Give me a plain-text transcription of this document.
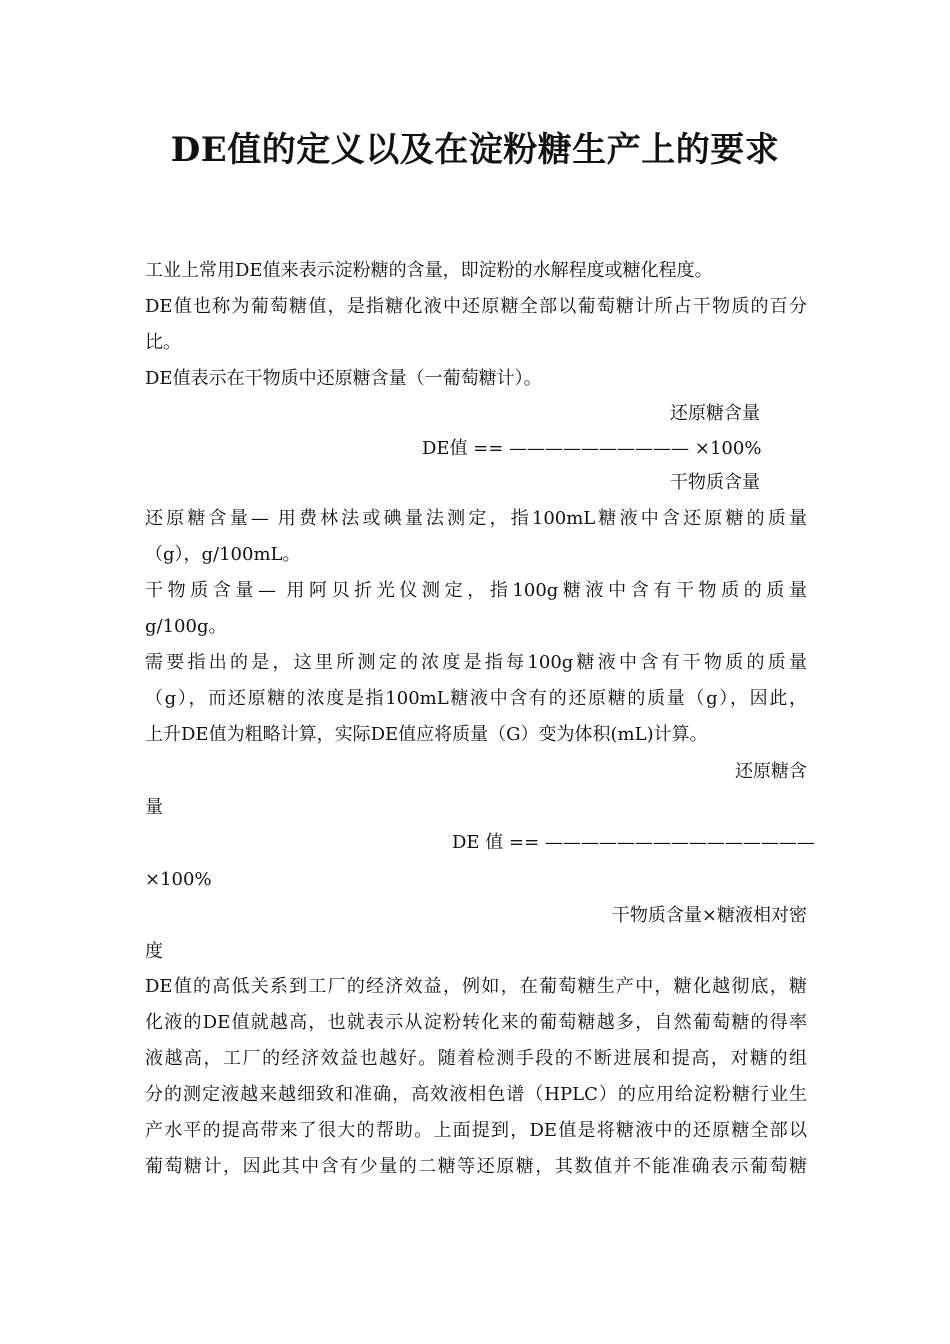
DE值的定义以及在淀粉糖生产上的要求
工业上常用DE值来表示淀粉糖的含量，即淀粉的水解程度或糖化程度。
DE值也称为葡萄糖值，是指糖化液中还原糖全部以葡萄糖计所占干物质的百分
比。
DE值表示在干物质中还原糖含量（一葡萄糖计）。
还原糖含量
DE值 == —————————— ×100%
干物质含量
还原糖含量— 用费林法或碘量法测定，指100mL糖液中含还原糖的质量
（g），g/100mL。
干物质含量— 用阿贝折光仪测定，指100g糖液中含有干物质的质量
g/100g。
需要指出的是，这里所测定的浓度是指每100g糖液中含有干物质的质量
（g），而还原糖的浓度是指100mL糖液中含有的还原糖的质量（g），因此，
上升DE值为粗略计算，实际DE值应将质量（G）变为体积(mL)计算。
还原糖含
量
DE 值 == ———————————————
×100%
干物质含量×糖液相对密
度
DE值的高低关系到工厂的经济效益，例如，在葡萄糖生产中，糖化越彻底，糖
化液的DE值就越高，也就表示从淀粉转化来的葡萄糖越多，自然葡萄糖的得率
液越高，工厂的经济效益也越好。随着检测手段的不断进展和提高，对糖的组
分的测定液越来越细致和准确，高效液相色谱（HPLC）的应用给淀粉糖行业生
产水平的提高带来了很大的帮助。上面提到，DE值是将糖液中的还原糖全部以
葡萄糖计，因此其中含有少量的二糖等还原糖，其数值并不能准确表示葡萄糖
